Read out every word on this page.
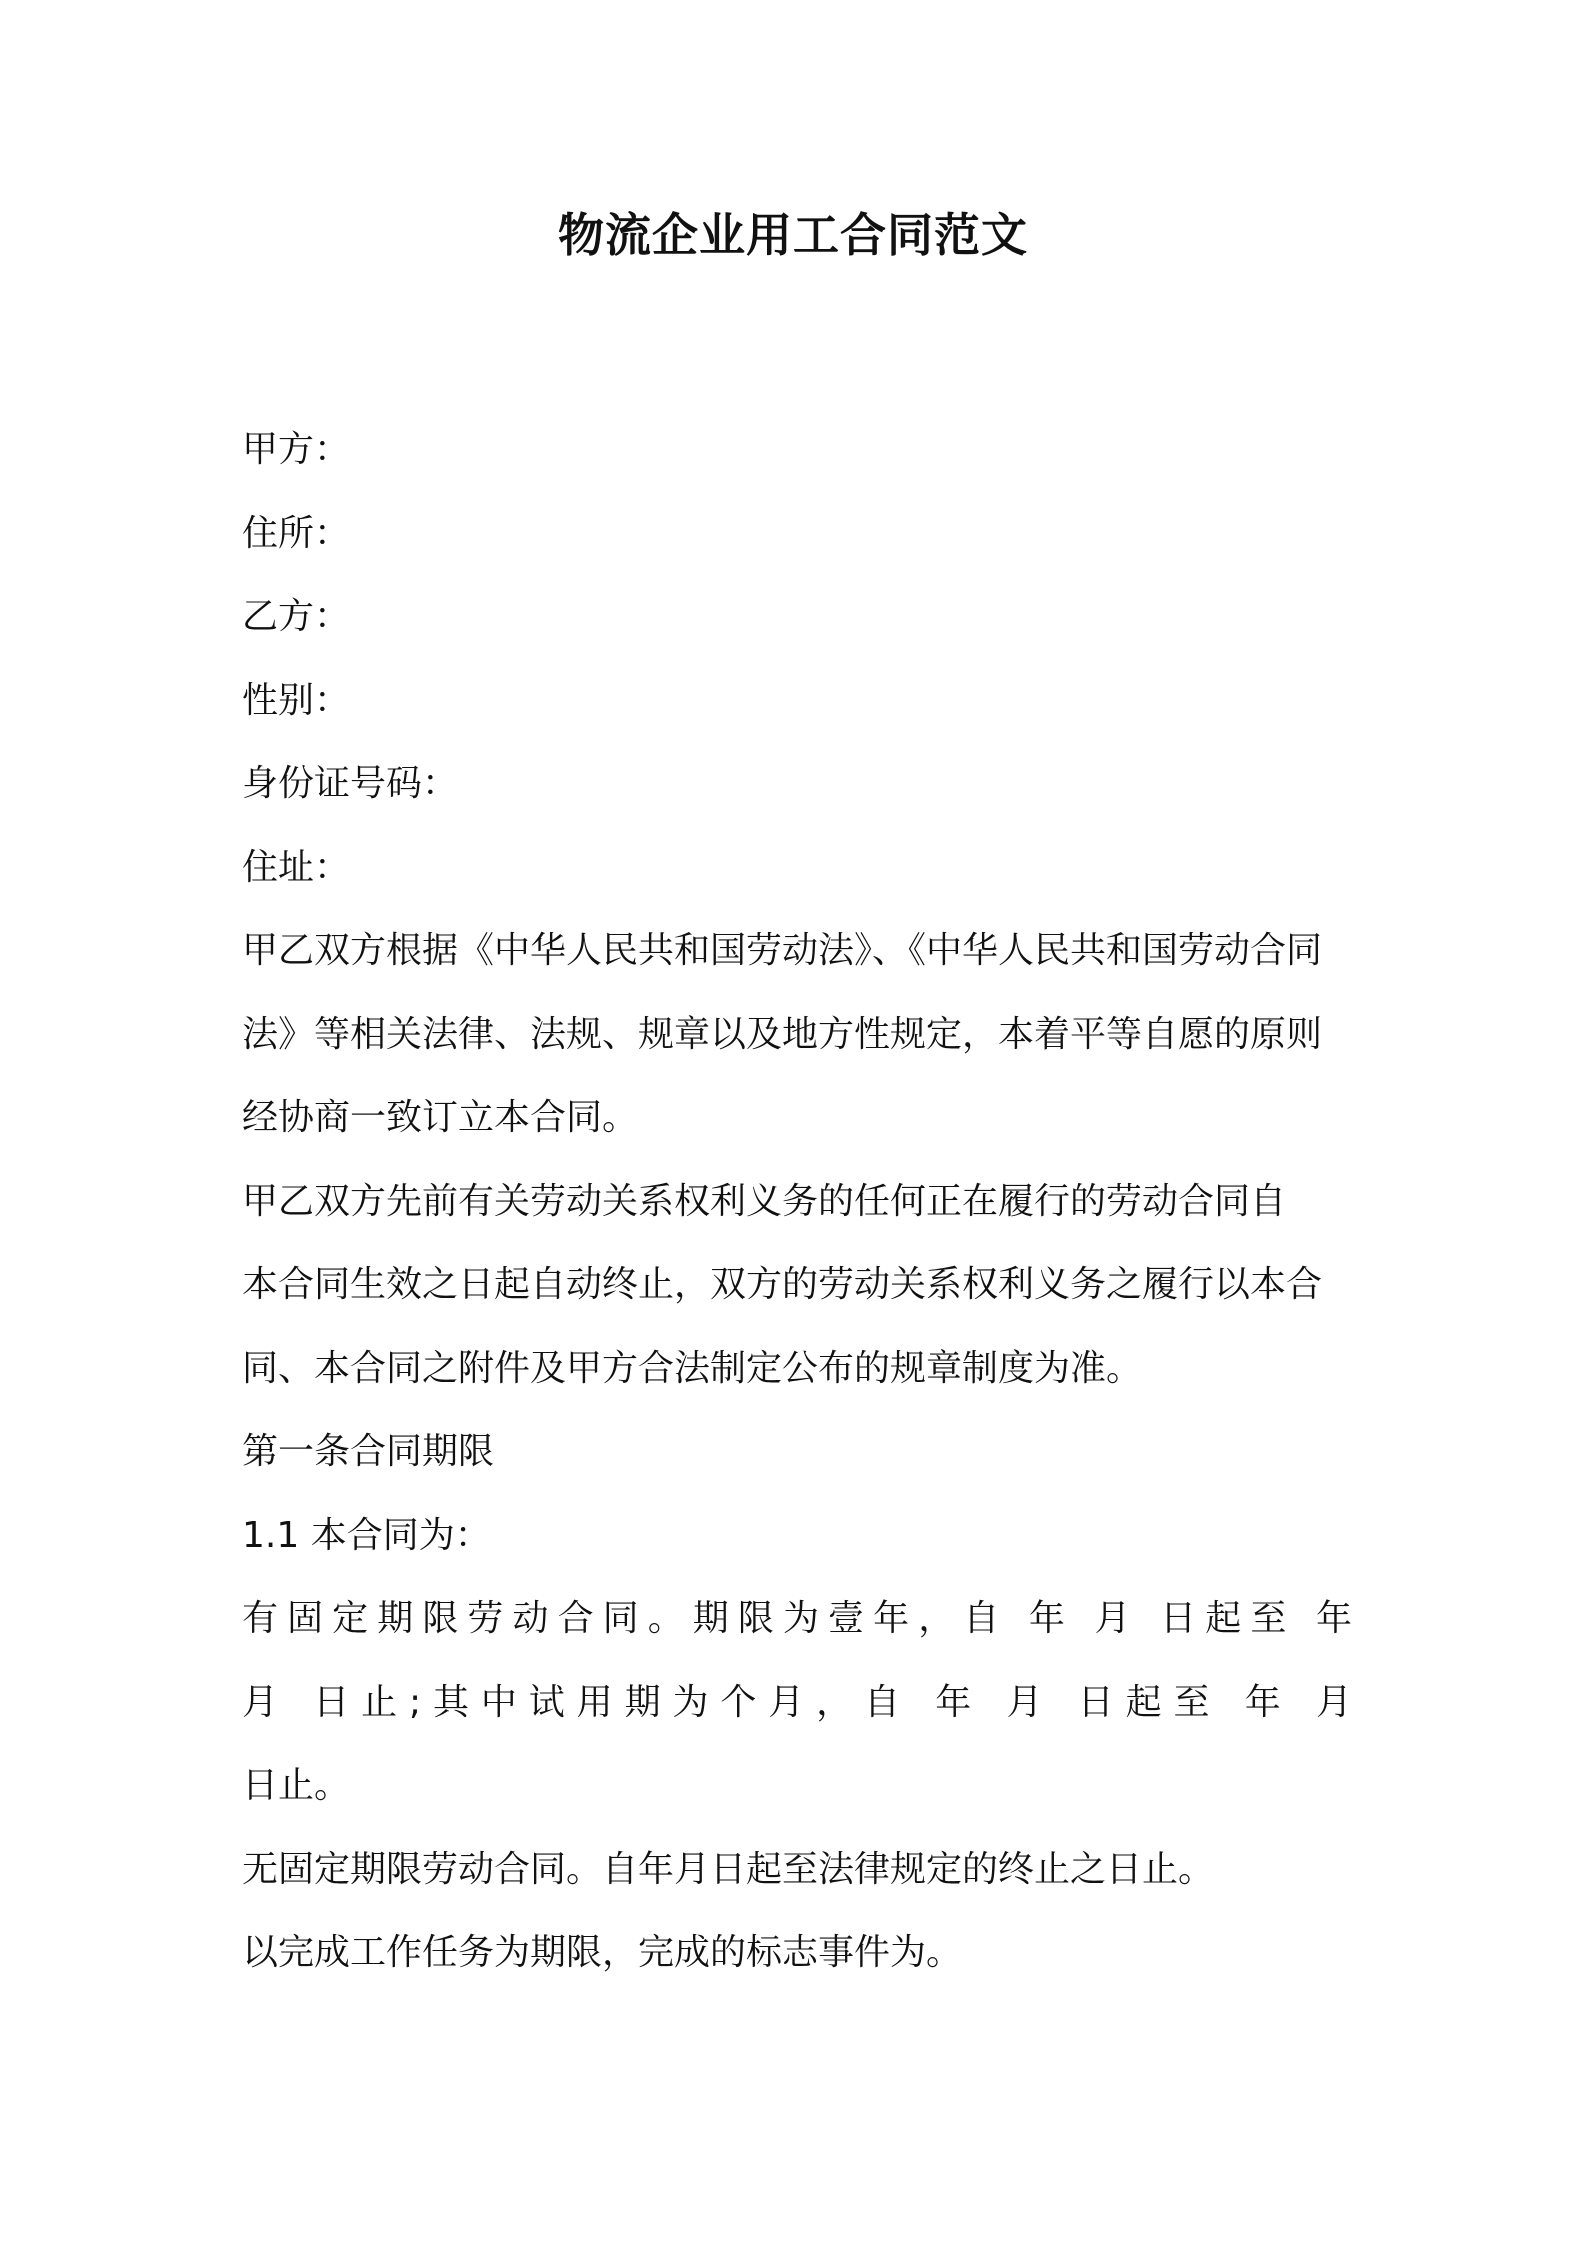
物流企业用工合同范文
甲方：
住所：
乙方：
性别：
身份证号码：
住址：
甲乙双方根据《中华人民共和国劳动法》、《中华人民共和国劳动合同
法》等相关法律、法规、规章以及地方性规定，本着平等自愿的原则
经协商一致订立本合同。
甲乙双方先前有关劳动关系权利义务的任何正在履行的劳动合同自
本合同生效之日起自动终止，双方的劳动关系权利义务之履行以本合
同、本合同之附件及甲方合法制定公布的规章制度为准。
第一条合同期限
1.1 本合同为：
有固定期限劳动合同。期限为壹年，自 年 月 日起至 年
月 日止;其中试用期为个月，自 年 月 日起至 年 月
日止。
无固定期限劳动合同。自年月日起至法律规定的终止之日止。
以完成工作任务为期限，完成的标志事件为。
